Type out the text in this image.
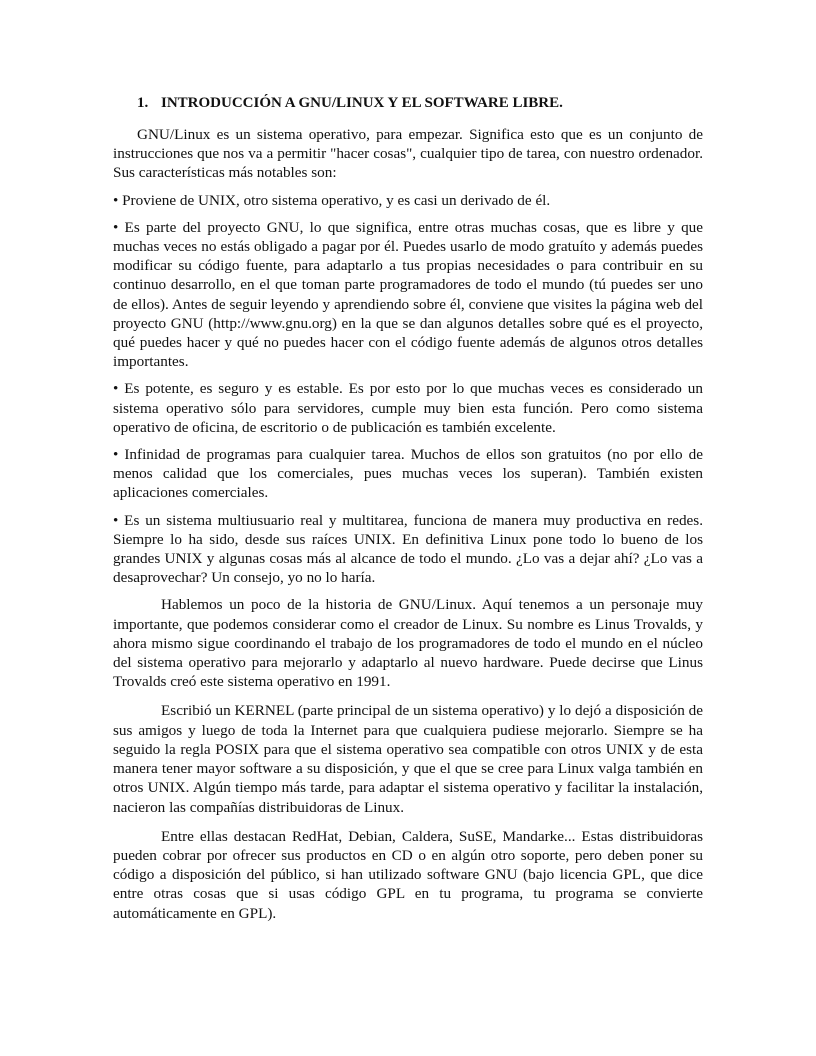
1. INTRODUCCIÓN A GNU/LINUX Y EL SOFTWARE LIBRE.

GNU/Linux es un sistema operativo, para empezar. Significa esto que es un conjunto de instrucciones que nos va a permitir "hacer cosas", cualquier tipo de tarea, con nuestro ordenador. Sus características más notables son:

• Proviene de UNIX, otro sistema operativo, y es casi un derivado de él.

• Es parte del proyecto GNU, lo que significa, entre otras muchas cosas, que es libre y que muchas veces no estás obligado a pagar por él. Puedes usarlo de modo gratuíto y además puedes modificar su código fuente, para adaptarlo a tus propias necesidades o para contribuir en su continuo desarrollo, en el que toman parte programadores de todo el mundo (tú puedes ser uno de ellos). Antes de seguir leyendo y aprendiendo sobre él, conviene que visites la página web del proyecto GNU (http://www.gnu.org) en la que se dan algunos detalles sobre qué es el proyecto, qué puedes hacer y qué no puedes hacer con el código fuente además de algunos otros detalles importantes.

• Es potente, es seguro y es estable. Es por esto por lo que muchas veces es considerado un sistema operativo sólo para servidores, cumple muy bien esta función. Pero como sistema operativo de oficina, de escritorio o de publicación es también excelente.

• Infinidad de programas para cualquier tarea. Muchos de ellos son gratuitos (no por ello de menos calidad que los comerciales, pues muchas veces los superan). También existen aplicaciones comerciales.

• Es un sistema multiusuario real y multitarea, funciona de manera muy productiva en redes. Siempre lo ha sido, desde sus raíces UNIX. En definitiva Linux pone todo lo bueno de los grandes UNIX y algunas cosas más al alcance de todo el mundo. ¿Lo vas a dejar ahí? ¿Lo vas a desaprovechar? Un consejo, yo no lo haría.

Hablemos un poco de la historia de GNU/Linux. Aquí tenemos a un personaje muy importante, que podemos considerar como el creador de Linux. Su nombre es Linus Trovalds, y ahora mismo sigue coordinando el trabajo de los programadores de todo el mundo en el núcleo del sistema operativo para mejorarlo y adaptarlo al nuevo hardware. Puede decirse que Linus Trovalds creó este sistema operativo en 1991.

Escribió un KERNEL (parte principal de un sistema operativo) y lo dejó a disposición de sus amigos y luego de toda la Internet para que cualquiera pudiese mejorarlo. Siempre se ha seguido la regla POSIX para que el sistema operativo sea compatible con otros UNIX y de esta manera tener mayor software a su disposición, y que el que se cree para Linux valga también en otros UNIX. Algún tiempo más tarde, para adaptar el sistema operativo y facilitar la instalación, nacieron las compañías distribuidoras de Linux.

Entre ellas destacan RedHat, Debian, Caldera, SuSE, Mandarke... Estas distribuidoras pueden cobrar por ofrecer sus productos en CD o en algún otro soporte, pero deben poner su código a disposición del público, si han utilizado software GNU (bajo licencia GPL, que dice entre otras cosas que si usas código GPL en tu programa, tu programa se convierte automáticamente en GPL).
